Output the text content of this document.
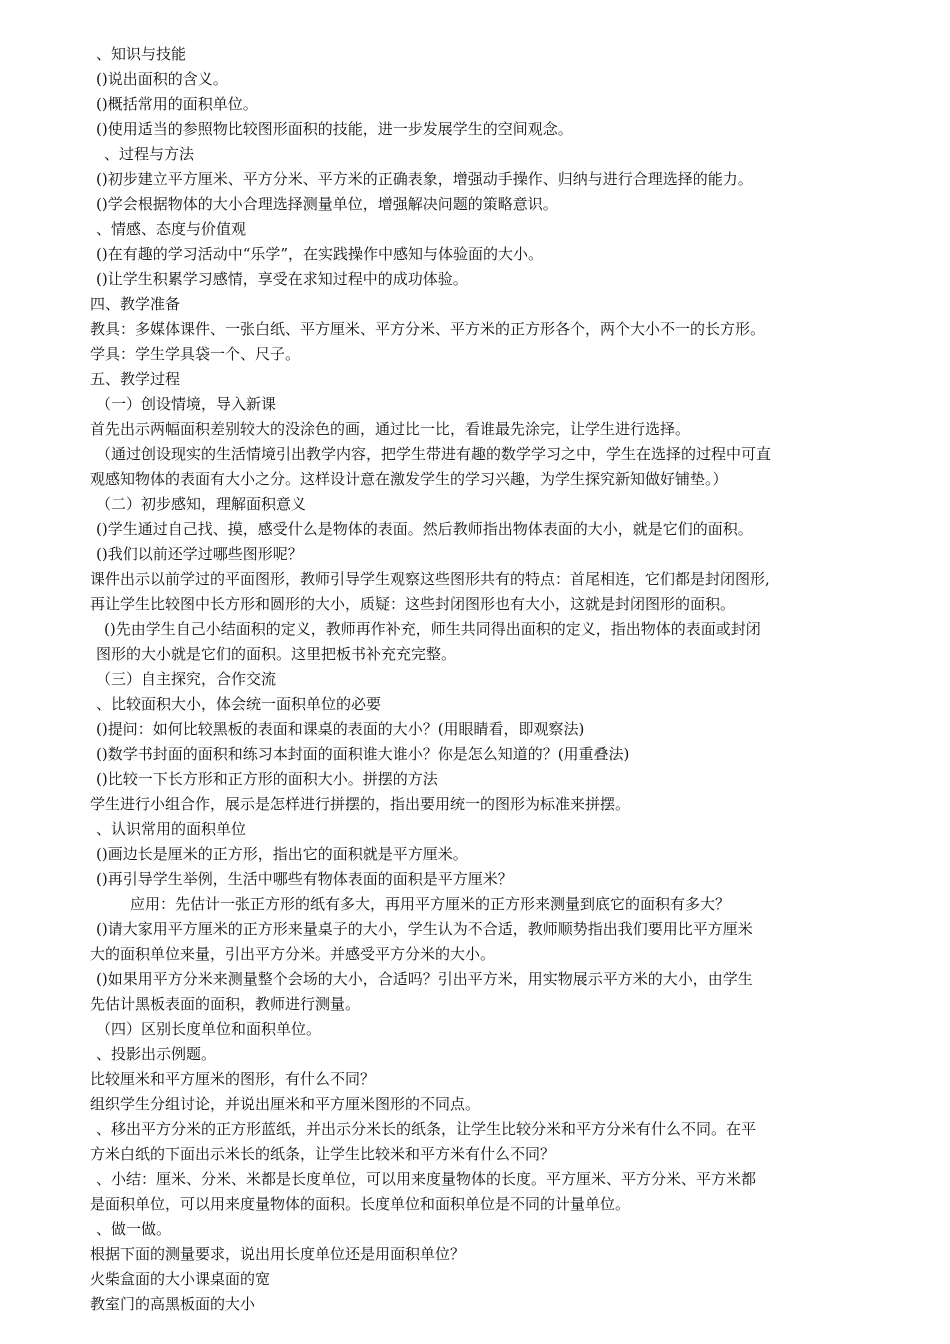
、知识与技能
()说出面积的含义。
()概括常用的面积单位。
()使用适当的参照物比较图形面积的技能，进一步发展学生的空间观念。
、过程与方法
()初步建立平方厘米、平方分米、平方米的正确表象，增强动手操作、归纳与进行合理选择的能力。
()学会根据物体的大小合理选择测量单位，增强解决问题的策略意识。
、情感、态度与价值观
()在有趣的学习活动中“乐学”，在实践操作中感知与体验面的大小。
()让学生积累学习感情，享受在求知过程中的成功体验。
四、教学准备
教具：多媒体课件、一张白纸、平方厘米、平方分米、平方米的正方形各个，两个大小不一的长方形。
学具：学生学具袋一个、尺子。
五、教学过程
（一）创设情境，导入新课
首先出示两幅面积差别较大的没涂色的画，通过比一比，看谁最先涂完，让学生进行选择。
（通过创设现实的生活情境引出教学内容，把学生带进有趣的数学学习之中，学生在选择的过程中可直
观感知物体的表面有大小之分。这样设计意在激发学生的学习兴趣，为学生探究新知做好铺垫。）
（二）初步感知，理解面积意义
()学生通过自己找、摸，感受什么是物体的表面。然后教师指出物体表面的大小，就是它们的面积。
()我们以前还学过哪些图形呢？
课件出示以前学过的平面图形，教师引导学生观察这些图形共有的特点：首尾相连，它们都是封闭图形,
再让学生比较图中长方形和圆形的大小，质疑：这些封闭图形也有大小，这就是封闭图形的面积。
()先由学生自己小结面积的定义，教师再作补充，师生共同得出面积的定义，指出物体的表面或封闭
图形的大小就是它们的面积。这里把板书补充充完整。
（三）自主探究，合作交流
、比较面积大小，体会统一面积单位的必要
()提问：如何比较黑板的表面和课桌的表面的大小？(用眼睛看，即观察法)
()数学书封面的面积和练习本封面的面积谁大谁小？你是怎么知道的？(用重叠法)
()比较一下长方形和正方形的面积大小。拼摆的方法
学生进行小组合作，展示是怎样进行拼摆的，指出要用统一的图形为标准来拼摆。
、认识常用的面积单位
()画边长是厘米的正方形，指出它的面积就是平方厘米。
()再引导学生举例，生活中哪些有物体表面的面积是平方厘米？
应用：先估计一张正方形的纸有多大，再用平方厘米的正方形来测量到底它的面积有多大？
()请大家用平方厘米的正方形来量桌子的大小，学生认为不合适，教师顺势指出我们要用比平方厘米
大的面积单位来量，引出平方分米。并感受平方分米的大小。
()如果用平方分米来测量整个会场的大小，合适吗？引出平方米，用实物展示平方米的大小，由学生
先估计黑板表面的面积，教师进行测量。
（四）区别长度单位和面积单位。
、投影出示例题。
比较厘米和平方厘米的图形，有什么不同？
组织学生分组讨论，并说出厘米和平方厘米图形的不同点。
、移出平方分米的正方形蓝纸，并出示分米长的纸条，让学生比较分米和平方分米有什么不同。在平
方米白纸的下面出示米长的纸条，让学生比较米和平方米有什么不同？
、小结：厘米、分米、米都是长度单位，可以用来度量物体的长度。平方厘米、平方分米、平方米都
是面积单位，可以用来度量物体的面积。长度单位和面积单位是不同的计量单位。
、做一做。
根据下面的测量要求，说出用长度单位还是用面积单位？
火柴盒面的大小课桌面的宽
教室门的高黑板面的大小
